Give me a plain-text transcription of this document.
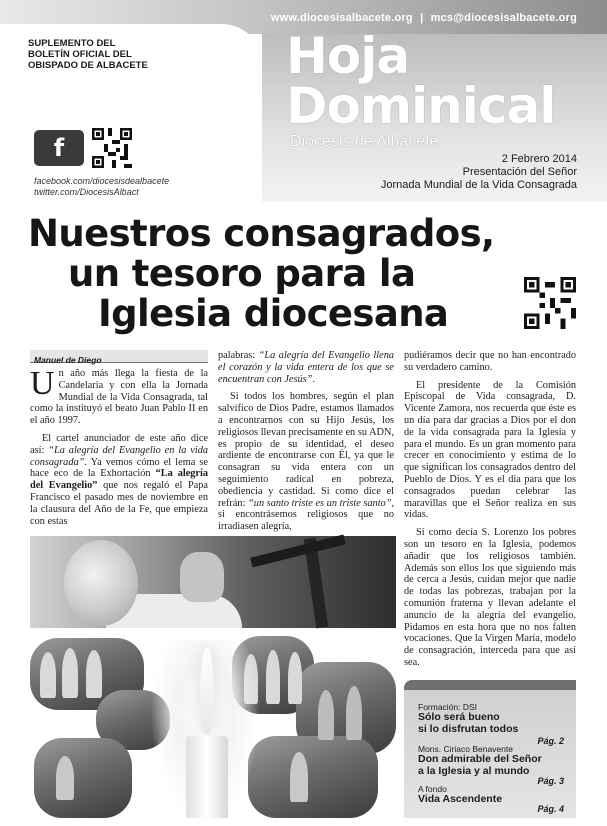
www.diocesisalbacete.org | mcs@diocesisalbacete.org
SUPLEMENTO DEL
BOLETÍN OFICIAL DEL
OBISPADO DE ALBACETE	Hoja
Dominical
Diócesis de Albacete
2 Febrero 2014
Presentación del Señor
Jornada Mundial de la Vida Consagrada
f
facebook.com/diocesisdealbacete
twitter.com/DiocesisAlbact
Nuestros consagrados,
un tesoro para la
Iglesia diocesana
Manuel de Diego

Un año más llega la fiesta de la Candelaria y con ella la Jornada Mundial de la Vida Consagrada, tal como la instituyó el beato Juan Pablo II en el año 1997.

El cartel anunciador de este año dice así: “La alegría del Evangelio en la vida consagrada”. Ya vemos cómo el lema se hace eco de la Exhortación “La alegría del Evangelio” que nos regaló el Papa Francisco el pasado mes de noviembre en la clausura del Año de la Fe, que empieza con estas

palabras: “La alegría del Evangelio llena el corazón y la vida entera de los que se encuentran con Jesús”.

Si todos los hombres, según el plan salvífico de Dios Padre, estamos llamados a encontrarnos con su Hijo Jesús, los religiosos llevan precisamente en su ADN, es propio de su identidad, el deseo ardiente de encontrarse con Él, ya que le consagran su vida entera con un seguimiento radical en pobreza, obediencia y castidad. Si como dice el refrán: “un santo triste es un triste santo”, si encontrásemos religiosos que no irradiasen alegría,

pudiéramos decir que no han encontrado su verdadero camino.

El presidente de la Comisión Episcopal de Vida consagrada, D. Vicente Zamora, nos recuerda que éste es un día para dar gracias a Dios por el don de la vida consagrada para la Iglesia y para el mundo. Es un gran momento para crecer en conocimiento y estima de lo que significan los consagrados dentro del Pueblo de Dios. Y es el día para que los consagrados puedan celebrar las maravillas que el Señor realiza en sus vidas.

Si como decía S. Lorenzo los pobres son un tesoro en la Iglesia, podemos añadir que los religiosos también. Además son ellos los que siguiendo más de cerca a Jesús, cuidan mejor que nadie de todas las pobrezas, trabajan por la comunión fraterna y llevan adelante el anuncio de la alegría del evangelio. Pidamos en esta hora que no nos falten vocaciones. Que la Virgen María, modelo de consagración, interceda para que así sea.

Formación: DSI
Sólo será bueno
si lo disfrutan todos
Pág. 2
Mons. Ciriaco Benavente
Don admirable del Señor
a la Iglesia y al mundo
Pág. 3
A fondo
Vida Ascendente
Pág. 4
